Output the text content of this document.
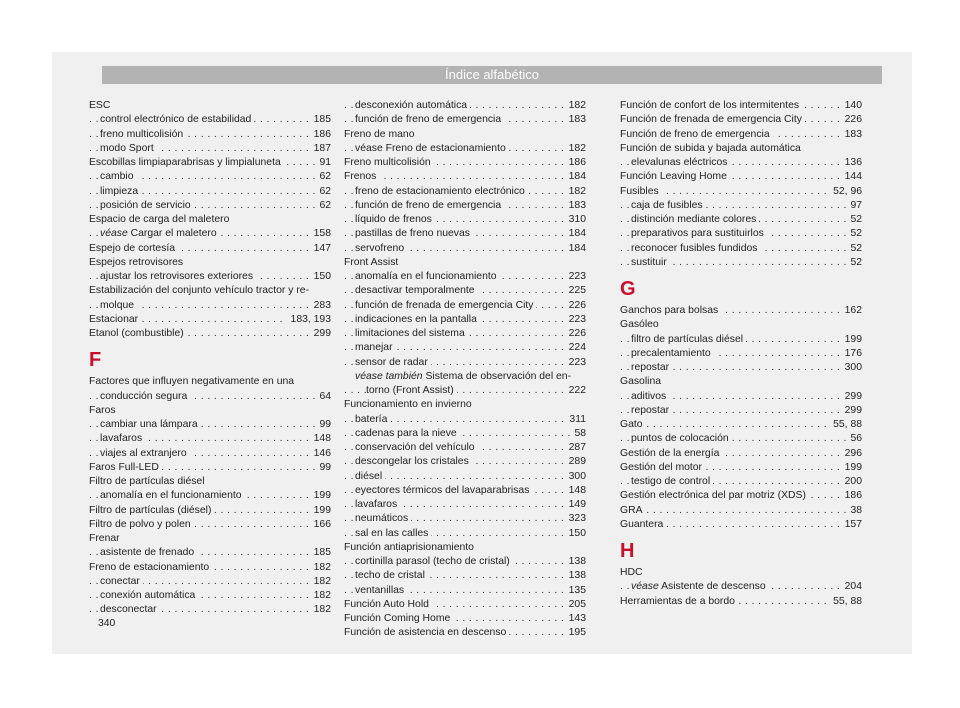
Índice alfabético
ESC
. . . control electrónico de estabilidad	185
. . . freno multicolisión	186
. . . modo Sport	187
. . . Escobillas limpiaparabrisas y limpialuneta	91
. . . cambio	62
. . . limpieza	62
. . . posición de servicio	62
Espacio de carga del maletero
. . . véase Cargar el maletero	158
. . . Espejo de cortesía	147
Espejos retrovisores
. . . ajustar los retrovisores exteriores	150
Estabilización del conjunto vehículo tractor y re-
. . . molque	283
. . . Estacionar	183, 193
. . . Etanol (combustible)	299
F
Factores que influyen negativamente en una
. . . conducción segura	64
Faros
. . . cambiar una lámpara	99
. . . lavafaros	148
. . . viajes al extranjero	146
. . . Faros Full-LED	99
Filtro de partículas diésel
. . . anomalía en el funcionamiento	199
. . . Filtro de partículas (diésel)	199
. . . Filtro de polvo y polen	166
Frenar
. . . asistente de frenado	185
. . . Freno de estacionamiento	182
. . . conectar	182
. . . conexión automática	182
. . . desconectar	182
. . . desconexión automática	182
. . . función de freno de emergencia	183
Freno de mano
. . . véase Freno de estacionamiento	182
. . . Freno multicolisión	186
. . . Frenos	184
. . . freno de estacionamiento electrónico	182
. . . función de freno de emergencia	183
. . . líquido de frenos	310
. . . pastillas de freno nuevas	184
. . . servofreno	184
Front Assist
. . . anomalía en el funcionamiento	223
. . . desactivar temporalmente	225
. . . función de frenada de emergencia City	226
. . . indicaciones en la pantalla	223
. . . limitaciones del sistema	226
. . . manejar	224
. . . sensor de radar	223
véase también Sistema de observación del en-
. . . torno (Front Assist)	222
Funcionamiento en invierno
. . . batería	311
. . . cadenas para la nieve	58
. . . conservación del vehículo	287
. . . descongelar los cristales	289
. . . diésel	300
. . . eyectores térmicos del lavaparabrisas	148
. . . lavafaros	149
. . . neumáticos	323
. . . sal en las calles	150
Función antiaprisionamiento
. . . cortinilla parasol (techo de cristal)	138
. . . techo de cristal	138
. . . ventanillas	135
. . . Función Auto Hold	205
. . . Función Coming Home	143
. . . Función de asistencia en descenso	195
. . . Función de confort de los intermitentes	140
. . . Función de frenada de emergencia City	226
. . . Función de freno de emergencia	183
Función de subida y bajada automática
. . . elevalunas eléctricos	136
. . . Función Leaving Home	144
. . . Fusibles	52, 96
. . . caja de fusibles	97
. . . distinción mediante colores	52
. . . preparativos para sustituirlos	52
. . . reconocer fusibles fundidos	52
. . . sustituir	52
G
. . . Ganchos para bolsas	162
Gasóleo
. . . filtro de partículas diésel	199
. . . precalentamiento	176
. . . repostar	300
Gasolina
. . . aditivos	299
. . . repostar	299
. . . Gato	55, 88
. . . puntos de colocación	56
. . . Gestión de la energía	296
. . . Gestión del motor	199
. . . testigo de control	200
. . . Gestión electrónica del par motriz (XDS)	186
. . . GRA	38
. . . Guantera	157
H
HDC
. . . véase Asistente de descenso	204
. . . Herramientas de a bordo	55, 88
340
